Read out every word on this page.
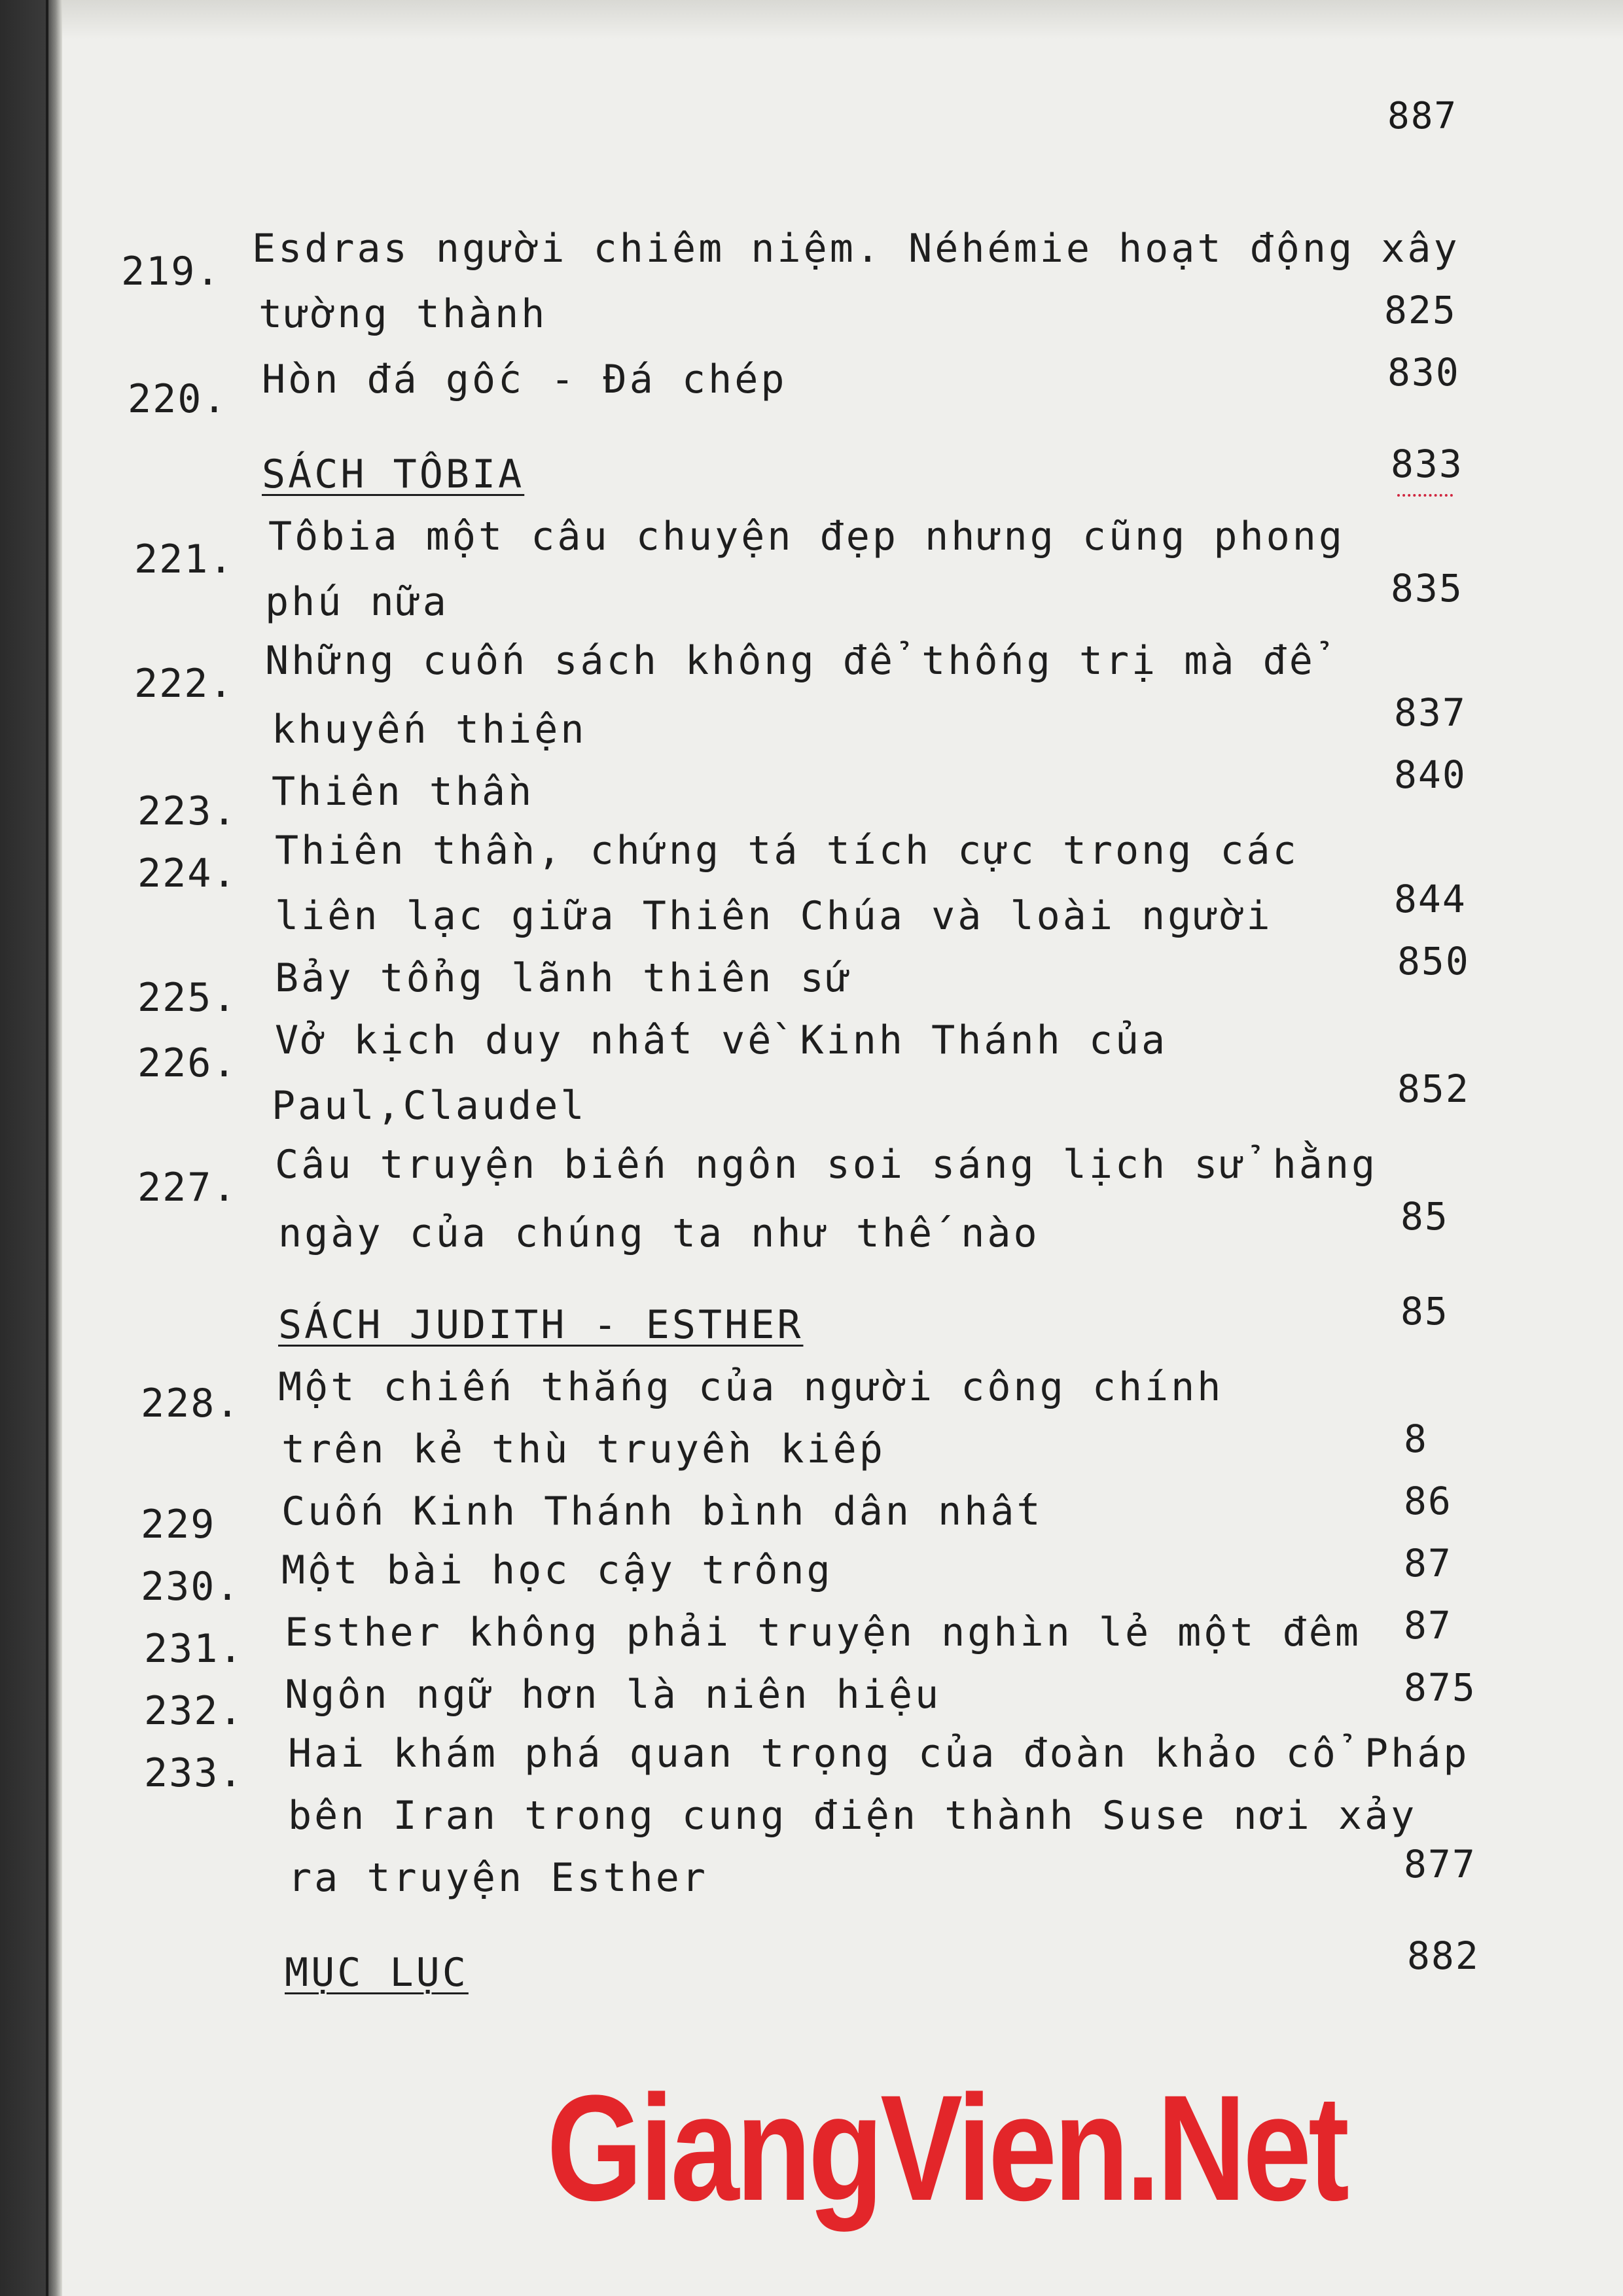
887
219. Esdras người chiêm niệm. Néhémie hoạt động xây
tường thành	825
220. Hòn đá gốc - Đá chép	830
SÁCH TÔBIA	833
221. Tôbia một câu chuyện đẹp nhưng cũng phong
phú nữa	835
222. Những cuốn sách không để thống trị mà để
khuyến thiện	837
223. Thiên thần	840
224. Thiên thần, chứng tá tích cực trong các
liên lạc giữa Thiên Chúa và loài người	844
225. Bảy tổng lãnh thiên sứ	850
226. Vở kịch duy nhất về Kinh Thánh của
Paul,Claudel	852
227. Câu truyện biến ngôn soi sáng lịch sử hằng
ngày của chúng ta như thế nào	85
SÁCH JUDITH - ESTHER	85
228. Một chiến thắng của người công chính
trên kẻ thù truyền kiếp	8
229 Cuốn Kinh Thánh bình dân nhất	86
230. Một bài học cậy trông	87
231. Esther không phải truyện nghìn lẻ một đêm 87
232. Ngôn ngữ hơn là niên hiệu	875
233. Hai khám phá quan trọng của đoàn khảo cổ Pháp
bên Iran trong cung điện thành Suse nơi xảy
ra truyện Esther	877
MỤC LỤC	882
GiangVien.Net
